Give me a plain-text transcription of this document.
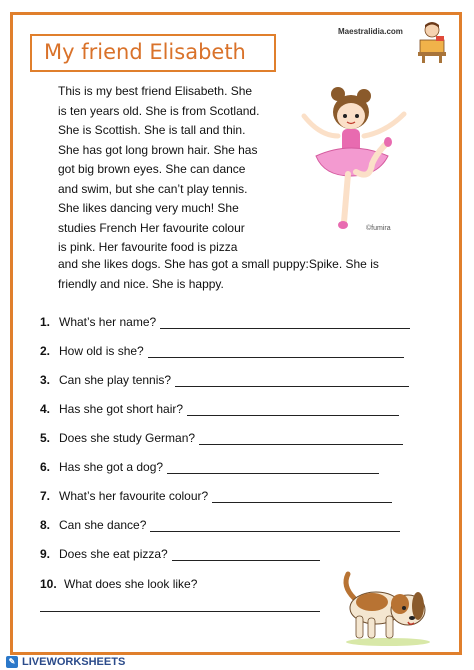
My friend Elisabeth
Maestralidia.com
This is my best friend Elisabeth. She
is ten years old. She is from Scotland.
She is Scottish. She is tall and thin.
She has got long brown hair. She has
got big brown eyes. She can dance
and swim, but she can’t play tennis.
She likes dancing very much! She
studies French Her favourite colour
is pink. Her favourite food is pizza
©fumira
and she likes dogs. She has got a small puppy:Spike. She is
friendly and nice. She is happy.
1. What’s her name?
2. How old is she?
3. Can she play tennis?
4. Has she got short hair?
5. Does she study German?
6. Has she got a dog?
7. What’s her favourite colour?
8. Can she dance?
9. Does she eat pizza?
10. What does she look like?
✎ LIVEWORKSHEETS
